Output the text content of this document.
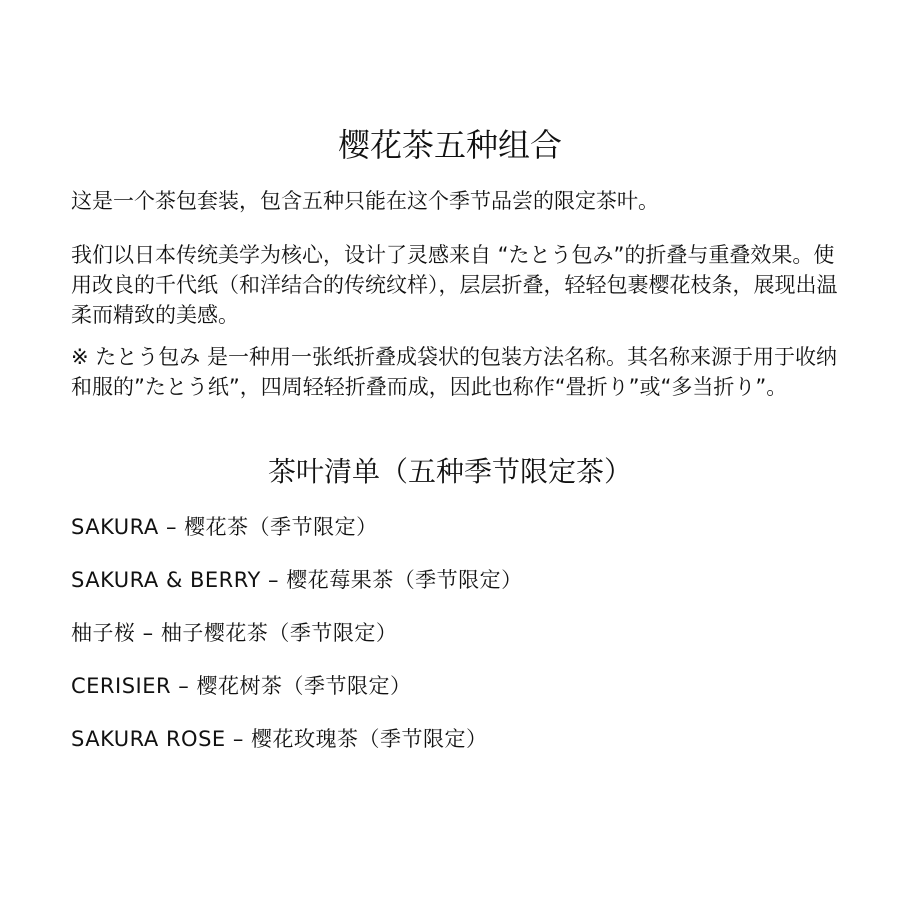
樱花茶五种组合

这是一个茶包套装，包含五种只能在这个季节品尝的限定茶叶。

我们以日本传统美学为核心，设计了灵感来自 “たとう包み”的折叠与重叠效果。使用改良的千代纸（和洋结合的传统纹样），层层折叠，轻轻包裹樱花枝条，展现出温柔而精致的美感。

※ たとう包み 是一种用一张纸折叠成袋状的包装方法名称。其名称来源于用于收纳和服的”たとう纸”，四周轻轻折叠而成，因此也称作“畳折り”或“多当折り”。

茶叶清单（五种季节限定茶）
SAKURA – 樱花茶（季节限定）
SAKURA & BERRY – 樱花莓果茶（季节限定）
柚子桜 – 柚子樱花茶（季节限定）
CERISIER – 樱花树茶（季节限定）
SAKURA ROSE – 樱花玫瑰茶（季节限定）
